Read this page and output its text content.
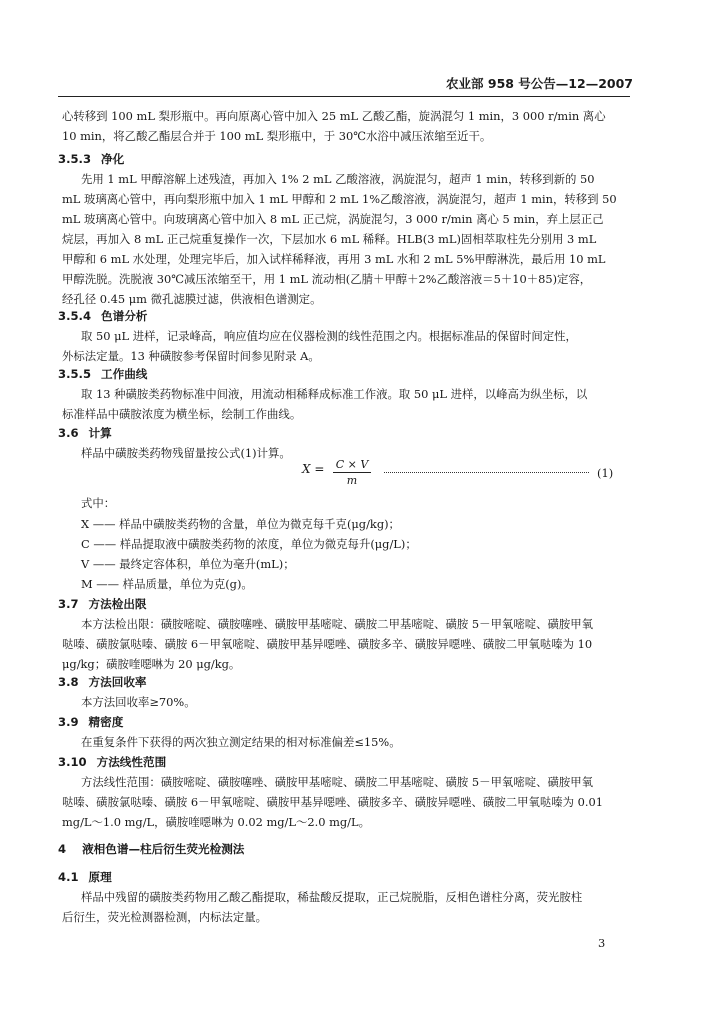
农业部 958 号公告—12—2007
心转移到 100 mL 梨形瓶中。再向原离心管中加入 25 mL 乙酸乙酯，旋涡混匀 1 min，3 000 r/min 离心
10 min，将乙酸乙酯层合并于 100 mL 梨形瓶中，于 30℃水浴中减压浓缩至近干。
3.5.3 净化
先用 1 mL 甲醇溶解上述残渣，再加入 1% 2 mL 乙酸溶液，涡旋混匀，超声 1 min，转移到新的 50
mL 玻璃离心管中，再向梨形瓶中加入 1 mL 甲醇和 2 mL 1%乙酸溶液，涡旋混匀，超声 1 min，转移到 50
mL 玻璃离心管中。向玻璃离心管中加入 8 mL 正己烷，涡旋混匀，3 000 r/min 离心 5 min，弃上层正己
烷层，再加入 8 mL 正己烷重复操作一次，下层加水 6 mL 稀释。HLB(3 mL)固相萃取柱先分别用 3 mL
甲醇和 6 mL 水处理，处理完毕后，加入试样稀释液，再用 3 mL 水和 2 mL 5%甲醇淋洗，最后用 10 mL
甲醇洗脱。洗脱液 30℃减压浓缩至干，用 1 mL 流动相(乙腈＋甲醇＋2%乙酸溶液＝5＋10＋85)定容，
经孔径 0.45 μm 微孔滤膜过滤，供液相色谱测定。
3.5.4 色谱分析
取 50 μL 进样，记录峰高，响应值均应在仪器检测的线性范围之内。根据标准品的保留时间定性，
外标法定量。13 种磺胺参考保留时间参见附录 A。
3.5.5 工作曲线
取 13 种磺胺类药物标准中间液，用流动相稀释成标准工作液。取 50 μL 进样，以峰高为纵坐标，以
标准样品中磺胺浓度为横坐标，绘制工作曲线。
3.6 计算
样品中磺胺类药物残留量按公式(1)计算。
X = C × V
m
(1)
式中：
X —— 样品中磺胺类药物的含量，单位为微克每千克(μg/kg)；
C —— 样品提取液中磺胺类药物的浓度，单位为微克每升(μg/L)；
V —— 最终定容体积，单位为毫升(mL)；
M —— 样品质量，单位为克(g)。
3.7 方法检出限
本方法检出限：磺胺嘧啶、磺胺噻唑、磺胺甲基嘧啶、磺胺二甲基嘧啶、磺胺 5－甲氧嘧啶、磺胺甲氧
哒嗪、磺胺氯哒嗪、磺胺 6－甲氧嘧啶、磺胺甲基异噁唑、磺胺多辛、磺胺异噁唑、磺胺二甲氧哒嗪为 10
μg/kg；磺胺喹噁啉为 20 μg/kg。
3.8 方法回收率
本方法回收率≥70%。
3.9 精密度
在重复条件下获得的两次独立测定结果的相对标准偏差≤15%。
3.10 方法线性范围
方法线性范围：磺胺嘧啶、磺胺噻唑、磺胺甲基嘧啶、磺胺二甲基嘧啶、磺胺 5－甲氧嘧啶、磺胺甲氧
哒嗪、磺胺氯哒嗪、磺胺 6－甲氧嘧啶、磺胺甲基异噁唑、磺胺多辛、磺胺异噁唑、磺胺二甲氧哒嗪为 0.01
mg/L～1.0 mg/L，磺胺喹噁啉为 0.02 mg/L～2.0 mg/L。
4 液相色谱—柱后衍生荧光检测法
4.1 原理
样品中残留的磺胺类药物用乙酸乙酯提取，稀盐酸反提取，正己烷脱脂，反相色谱柱分离，荧光胺柱
后衍生，荧光检测器检测，内标法定量。
3
